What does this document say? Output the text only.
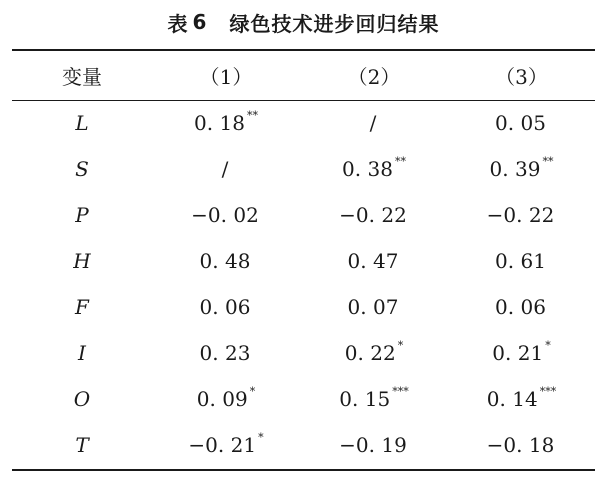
表 6 绿色技术进步回归结果
变量	（1）	（2）	（3）
L	0. 18 **	/	0. 05
S	/	0. 38 **	0. 39 **
P	−0. 02	−0. 22	−0. 22
H	0. 48	0. 47	0. 61
F	0. 06	0. 07	0. 06
I	0. 23	0. 22 *	0. 21 *
O	0. 09 *	0. 15 ***	0. 14 ***
T	−0. 21 *	−0. 19	−0. 18
